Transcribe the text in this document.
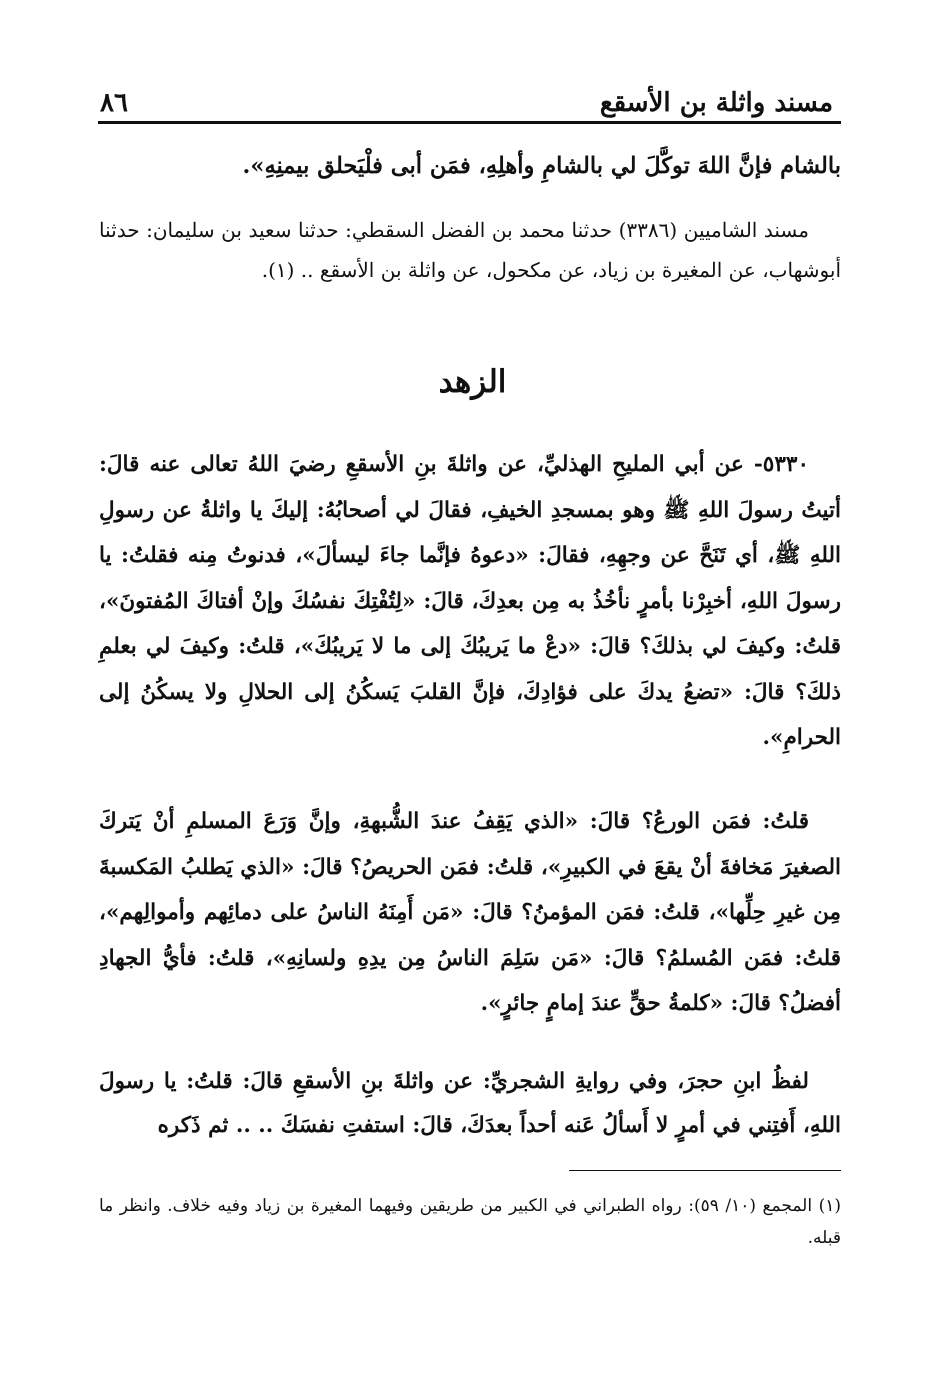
مسند واثلة بن الأسقع
٨٦

بالشام فإنَّ اللهَ توكَّلَ لي بالشامِ وأهلِهِ، فمَن أبى فلْيَحلق بيمنِهِ».

مسند الشاميين (٣٣٨٦) حدثنا محمد بن الفضل السقطي: حدثنا سعيد بن سليمان: حدثنا أبوشهاب، عن المغيرة بن زياد، عن مكحول، عن واثلة بن الأسقع .. (١).

الزهد

٥٣٣٠- عن أبي المليحِ الهذليِّ، عن واثلةَ بنِ الأسقعِ رضيَ اللهُ تعالى عنه قالَ: أتيتُ رسولَ اللهِ ﷺ وهو بمسجدِ الخيفِ، فقالَ لي أصحابُهُ: إليكَ يا واثلةُ عن رسولِ اللهِ ﷺ، أي تَنَحَّ عن وجهِهِ، فقالَ: «دعوهُ فإنَّما جاءَ ليسألَ»، فدنوتُ مِنه فقلتُ: يا رسولَ اللهِ، أخبِرْنا بأمرٍ نأخُذُ به مِن بعدِكَ، قالَ: «لِتُفْتِكَ نفسُكَ وإنْ أفتاكَ المُفتونَ»، قلتُ: وكيفَ لي بذلكَ؟ قالَ: «دعْ ما يَريبُكَ إلى ما لا يَريبُكَ»، قلتُ: وكيفَ لي بعلمِ ذلكَ؟ قالَ: «تضعُ يدكَ على فؤادِكَ، فإنَّ القلبَ يَسكُنُ إلى الحلالِ ولا يسكُنُ إلى الحرامِ».

قلتُ: فمَن الورعُ؟ قالَ: «الذي يَقِفُ عندَ الشُّبهةِ، وإنَّ وَرَعَ المسلمِ أنْ يَتركَ الصغيرَ مَخافةَ أنْ يقعَ في الكبيرِ»، قلتُ: فمَن الحريصُ؟ قالَ: «الذي يَطلبُ المَكسبةَ مِن غيرِ حِلِّها»، قلتُ: فمَن المؤمنُ؟ قالَ: «مَن أَمِنَهُ الناسُ على دمائِهم وأموالِهم»، قلتُ: فمَن المُسلمُ؟ قالَ: «مَن سَلِمَ الناسُ مِن يدِهِ ولسانِهِ»، قلتُ: فأيُّ الجهادِ أفضلُ؟ قالَ: «كلمةُ حقٍّ عندَ إمامٍ جائرٍ».

لفظُ ابنِ حجرَ، وفي روايةِ الشجريِّ: عن واثلةَ بنِ الأسقعِ قالَ: قلتُ: يا رسولَ اللهِ، أَفتِني في أمرٍ لا أَسألُ عَنه أحداً بعدَكَ، قالَ: استفتِ نفسَكَ .. .. ثم ذَكره

(١) المجمع (١٠/ ٥٩): رواه الطبراني في الكبير من طريقين وفيهما المغيرة بن زياد وفيه خلاف. وانظر ما قبله.
